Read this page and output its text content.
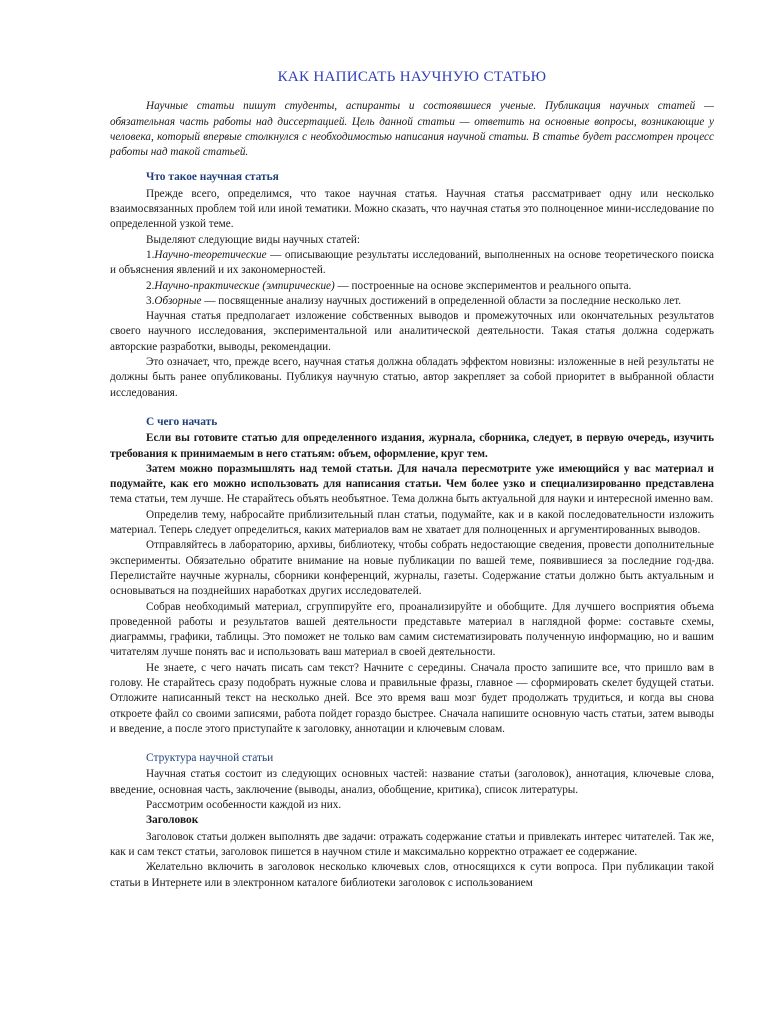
КАК НАПИСАТЬ НАУЧНУЮ СТАТЬЮ

Научные статьи пишут студенты, аспиранты и состоявшиеся ученые. Публикация научных статей — обязательная часть работы над диссертацией. Цель данной статьи — ответить на основные вопросы, возникающие у человека, который впервые столкнулся с необходимостью написания научной статьи. В статье будет рассмотрен процесс работы над такой статьей.

Что такое научная статья

Прежде всего, определимся, что такое научная статья. Научная статья рассматривает одну или несколько взаимосвязанных проблем той или иной тематики. Можно сказать, что научная статья это полноценное мини-исследование по определенной узкой теме.

Выделяют следующие виды научных статей:

1.Научно-теоретические — описывающие результаты исследований, выполненных на основе теоретического поиска и объяснения явлений и их закономерностей.

2.Научно-практические (эмпирические) — построенные на основе экспериментов и реального опыта.

3.Обзорные — посвященные анализу научных достижений в определенной области за последние несколько лет.

Научная статья предполагает изложение собственных выводов и промежуточных или окончательных результатов своего научного исследования, экспериментальной или аналитической деятельности. Такая статья должна содержать авторские разработки, выводы, рекомендации.

Это означает, что, прежде всего, научная статья должна обладать эффектом новизны: изложенные в ней результаты не должны быть ранее опубликованы. Публикуя научную статью, автор закрепляет за собой приоритет в выбранной области исследования.

С чего начать

Если вы готовите статью для определенного издания, журнала, сборника, следует, в первую очередь, изучить требования к принимаемым в него статьям: объем, оформление, круг тем.

Затем можно поразмышлять над темой статьи. Для начала пересмотрите уже имеющийся у вас материал и подумайте, как его можно использовать для написания статьи. Чем более узко и специализированно представлена тема статьи, тем лучше. Не старайтесь объять необъятное. Тема должна быть актуальной для науки и интересной именно вам.

Определив тему, набросайте приблизительный план статьи, подумайте, как и в какой последовательности изложить материал. Теперь следует определиться, каких материалов вам не хватает для полноценных и аргументированных выводов.

Отправляйтесь в лабораторию, архивы, библиотеку, чтобы собрать недостающие сведения, провести дополнительные эксперименты. Обязательно обратите внимание на новые публикации по вашей теме, появившиеся за последние год-два. Перелистайте научные журналы, сборники конференций, журналы, газеты. Содержание статьи должно быть актуальным и основываться на позднейших наработках других исследователей.

Собрав необходимый материал, сгруппируйте его, проанализируйте и обобщите. Для лучшего восприятия объема проведенной работы и результатов вашей деятельности представьте материал в наглядной форме: составьте схемы, диаграммы, графики, таблицы. Это поможет не только вам самим систематизировать полученную информацию, но и вашим читателям лучше понять вас и использовать ваш материал в своей деятельности.

Не знаете, с чего начать писать сам текст? Начните с середины. Сначала просто запишите все, что пришло вам в голову. Не старайтесь сразу подобрать нужные слова и правильные фразы, главное — сформировать скелет будущей статьи. Отложите написанный текст на несколько дней. Все это время ваш мозг будет продолжать трудиться, и когда вы снова откроете файл со своими записями, работа пойдет гораздо быстрее. Сначала напишите основную часть статьи, затем выводы и введение, а после этого приступайте к заголовку, аннотации и ключевым словам.

Структура научной статьи

Научная статья состоит из следующих основных частей: название статьи (заголовок), аннотация, ключевые слова, введение, основная часть, заключение (выводы, анализ, обобщение, критика), список литературы.

Рассмотрим особенности каждой из них.

Заголовок

Заголовок статьи должен выполнять две задачи: отражать содержание статьи и привлекать интерес читателей. Так же, как и сам текст статьи, заголовок пишется в научном стиле и максимально корректно отражает ее содержание.

Желательно включить в заголовок несколько ключевых слов, относящихся к сути вопроса. При публикации такой статьи в Интернете или в электронном каталоге библиотеки заголовок с использованием
